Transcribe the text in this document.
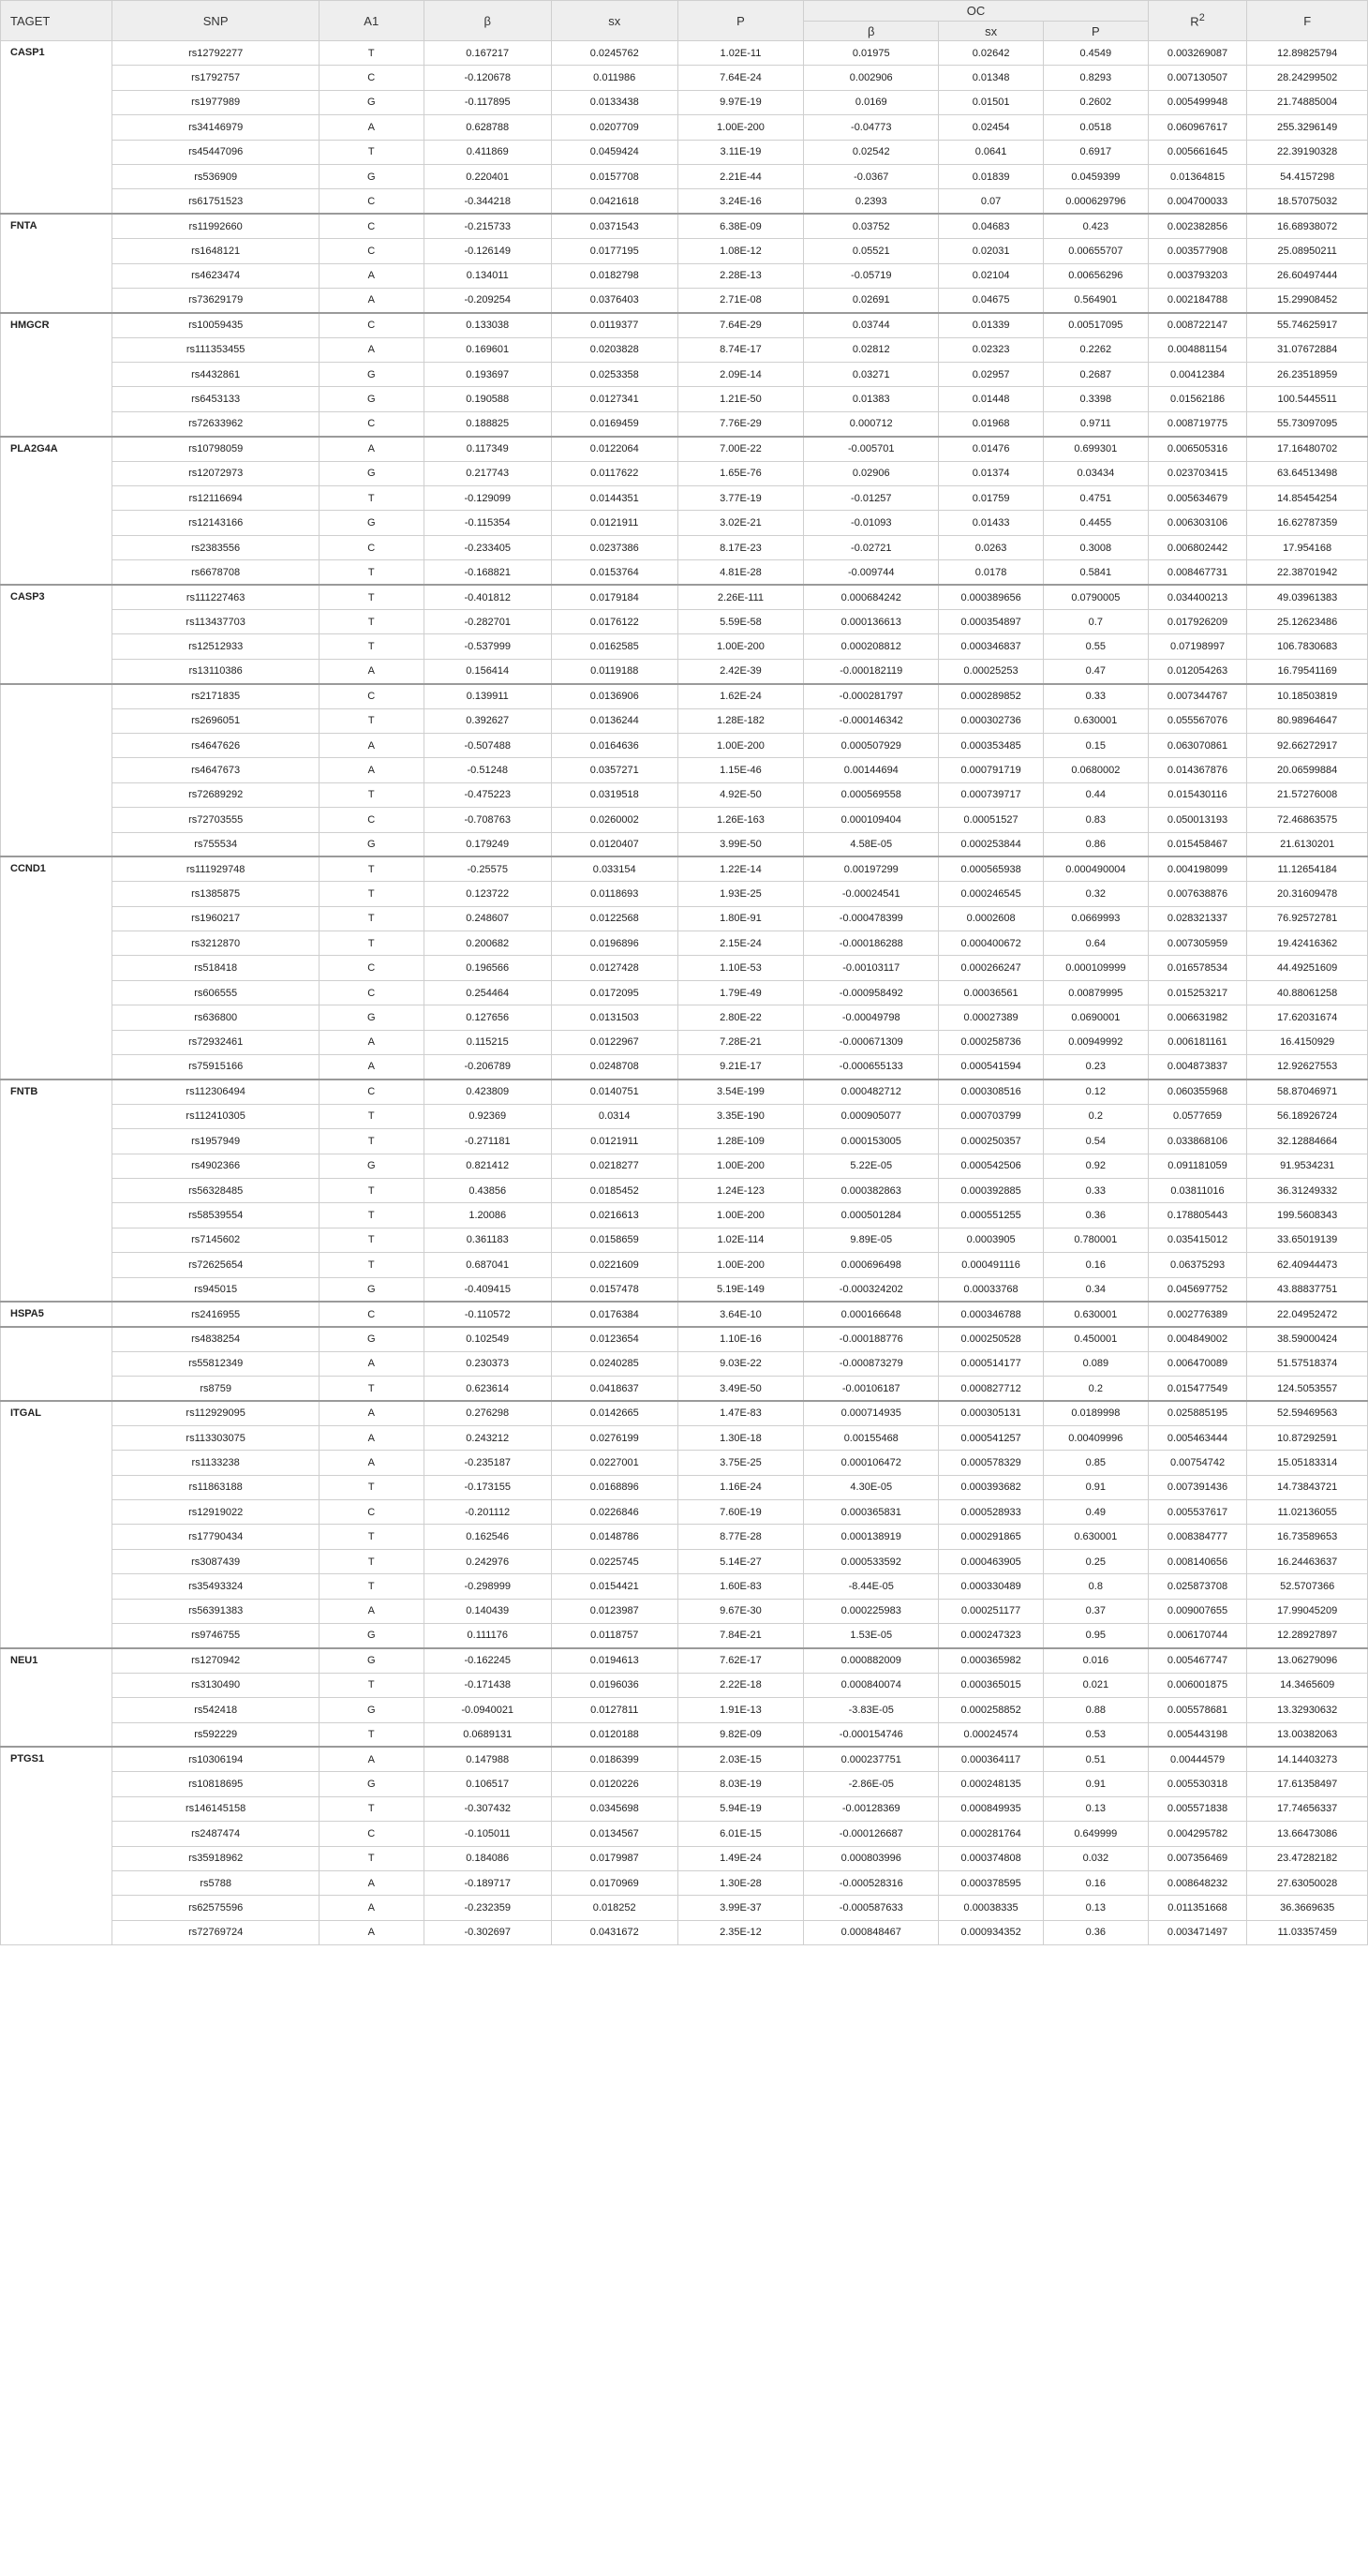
TAGET	SNP	A1	β	sx	P	OC			$R^2$	F
						β	sx	P		
CASP1	rs12792277	T	0.167217	0.0245762	1.02E-11	0.01975	0.02642	0.4549	0.003269087	12.89825794
	rs1792757	C	-0.120678	0.011986	7.64E-24	0.002906	0.01348	0.8293	0.007130507	28.24299502
	rs1977989	G	-0.117895	0.0133438	9.97E-19	0.0169	0.01501	0.2602	0.005499948	21.74885004
	rs34146979	A	0.628788	0.0207709	1.00E-200	-0.04773	0.02454	0.0518	0.060967617	255.3296149
	rs45447096	T	0.411869	0.0459424	3.11E-19	0.02542	0.0641	0.6917	0.005661645	22.39190328
	rs536909	G	0.220401	0.0157708	2.21E-44	-0.0367	0.01839	0.0459399	0.01364815	54.4157298
	rs61751523	C	-0.344218	0.0421618	3.24E-16	0.2393	0.07	0.000629796	0.004700033	18.57075032
FNTA	rs11992660	C	-0.215733	0.0371543	6.38E-09	0.03752	0.04683	0.423	0.002382856	16.68938072
	rs1648121	C	-0.126149	0.0177195	1.08E-12	0.05521	0.02031	0.00655707	0.003577908	25.08950211
	rs4623474	A	0.134011	0.0182798	2.28E-13	-0.05719	0.02104	0.00656296	0.003793203	26.60497444
	rs73629179	A	-0.209254	0.0376403	2.71E-08	0.02691	0.04675	0.564901	0.002184788	15.29908452
HMGCR	rs10059435	C	0.133038	0.0119377	7.64E-29	0.03744	0.01339	0.00517095	0.008722147	55.74625917
	rs111353455	A	0.169601	0.0203828	8.74E-17	0.02812	0.02323	0.2262	0.004881154	31.07672884
	rs4432861	G	0.193697	0.0253358	2.09E-14	0.03271	0.02957	0.2687	0.00412384	26.23518959
	rs6453133	G	0.190588	0.0127341	1.21E-50	0.01383	0.01448	0.3398	0.01562186	100.5445511
	rs72633962	C	0.188825	0.0169459	7.76E-29	0.000712	0.01968	0.9711	0.008719775	55.73097095
PLA2G4A	rs10798059	A	0.117349	0.0122064	7.00E-22	-0.005701	0.01476	0.699301	0.006505316	17.16480702
	rs12072973	G	0.217743	0.0117622	1.65E-76	0.02906	0.01374	0.03434	0.023703415	63.64513498
	rs12116694	T	-0.129099	0.0144351	3.77E-19	-0.01257	0.01759	0.4751	0.005634679	14.85454254
	rs12143166	G	-0.115354	0.0121911	3.02E-21	-0.01093	0.01433	0.4455	0.006303106	16.62787359
	rs2383556	C	-0.233405	0.0237386	8.17E-23	-0.02721	0.0263	0.3008	0.006802442	17.954168
	rs6678708	T	-0.168821	0.0153764	4.81E-28	-0.009744	0.0178	0.5841	0.008467731	22.38701942
CASP3	rs111227463	T	-0.401812	0.0179184	2.26E-111	0.000684242	0.000389656	0.0790005	0.034400213	49.03961383
	rs113437703	T	-0.282701	0.0176122	5.59E-58	0.000136613	0.000354897	0.7	0.017926209	25.12623486
	rs12512933	T	-0.537999	0.0162585	1.00E-200	0.000208812	0.000346837	0.55	0.07198997	106.7830683
	rs13110386	A	0.156414	0.0119188	2.42E-39	-0.000182119	0.00025253	0.47	0.012054263	16.79541169
	rs2171835	C	0.139911	0.0136906	1.62E-24	-0.000281797	0.000289852	0.33	0.007344767	10.18503819
	rs2696051	T	0.392627	0.0136244	1.28E-182	-0.000146342	0.000302736	0.630001	0.055567076	80.98964647
	rs4647626	A	-0.507488	0.0164636	1.00E-200	0.000507929	0.000353485	0.15	0.063070861	92.66272917
	rs4647673	A	-0.51248	0.0357271	1.15E-46	0.00144694	0.000791719	0.0680002	0.014367876	20.06599884
	rs72689292	T	-0.475223	0.0319518	4.92E-50	0.000569558	0.000739717	0.44	0.015430116	21.57276008
	rs72703555	C	-0.708763	0.0260002	1.26E-163	0.000109404	0.00051527	0.83	0.050013193	72.46863575
	rs755534	G	0.179249	0.0120407	3.99E-50	4.58E-05	0.000253844	0.86	0.015458467	21.6130201
CCND1	rs111929748	T	-0.25575	0.033154	1.22E-14	0.00197299	0.000565938	0.000490004	0.004198099	11.12654184
	rs1385875	T	0.123722	0.0118693	1.93E-25	-0.00024541	0.000246545	0.32	0.007638876	20.31609478
	rs1960217	T	0.248607	0.0122568	1.80E-91	-0.000478399	0.0002608	0.0669993	0.028321337	76.92572781
	rs3212870	T	0.200682	0.0196896	2.15E-24	-0.000186288	0.000400672	0.64	0.007305959	19.42416362
	rs518418	C	0.196566	0.0127428	1.10E-53	-0.00103117	0.000266247	0.000109999	0.016578534	44.49251609
	rs606555	C	0.254464	0.0172095	1.79E-49	-0.000958492	0.00036561	0.00879995	0.015253217	40.88061258
	rs636800	G	0.127656	0.0131503	2.80E-22	-0.00049798	0.00027389	0.0690001	0.006631982	17.62031674
	rs72932461	A	0.115215	0.0122967	7.28E-21	-0.000671309	0.000258736	0.00949992	0.006181161	16.4150929
	rs75915166	A	-0.206789	0.0248708	9.21E-17	-0.000655133	0.000541594	0.23	0.004873837	12.92627553
FNTB	rs112306494	C	0.423809	0.0140751	3.54E-199	0.000482712	0.000308516	0.12	0.060355968	58.87046971
	rs112410305	T	0.92369	0.0314	3.35E-190	0.000905077	0.000703799	0.2	0.0577659	56.18926724
	rs1957949	T	-0.271181	0.0121911	1.28E-109	0.000153005	0.000250357	0.54	0.033868106	32.12884664
	rs4902366	G	0.821412	0.0218277	1.00E-200	5.22E-05	0.000542506	0.92	0.091181059	91.9534231
	rs56328485	T	0.43856	0.0185452	1.24E-123	0.000382863	0.000392885	0.33	0.03811016	36.31249332
	rs58539554	T	1.20086	0.0216613	1.00E-200	0.000501284	0.000551255	0.36	0.178805443	199.5608343
	rs7145602	T	0.361183	0.0158659	1.02E-114	9.89E-05	0.0003905	0.780001	0.035415012	33.65019139
	rs72625654	T	0.687041	0.0221609	1.00E-200	0.000696498	0.000491116	0.16	0.06375293	62.40944473
	rs945015	G	-0.409415	0.0157478	5.19E-149	-0.000324202	0.00033768	0.34	0.045697752	43.88837751
HSPA5	rs2416955	C	-0.110572	0.0176384	3.64E-10	0.000166648	0.000346788	0.630001	0.002776389	22.04952472
	rs4838254	G	0.102549	0.0123654	1.10E-16	-0.000188776	0.000250528	0.450001	0.004849002	38.59000424
	rs55812349	A	0.230373	0.0240285	9.03E-22	-0.000873279	0.000514177	0.089	0.006470089	51.57518374
	rs8759	T	0.623614	0.0418637	3.49E-50	-0.00106187	0.000827712	0.2	0.015477549	124.5053557
ITGAL	rs112929095	A	0.276298	0.0142665	1.47E-83	0.000714935	0.000305131	0.0189998	0.025885195	52.59469563
	rs113303075	A	0.243212	0.0276199	1.30E-18	0.00155468	0.000541257	0.00409996	0.005463444	10.87292591
	rs1133238	A	-0.235187	0.0227001	3.75E-25	0.000106472	0.000578329	0.85	0.00754742	15.05183314
	rs11863188	T	-0.173155	0.0168896	1.16E-24	4.30E-05	0.000393682	0.91	0.007391436	14.73843721
	rs12919022	C	-0.201112	0.0226846	7.60E-19	0.000365831	0.000528933	0.49	0.005537617	11.02136055
	rs17790434	T	0.162546	0.0148786	8.77E-28	0.000138919	0.000291865	0.630001	0.008384777	16.73589653
	rs3087439	T	0.242976	0.0225745	5.14E-27	0.000533592	0.000463905	0.25	0.008140656	16.24463637
	rs35493324	T	-0.298999	0.0154421	1.60E-83	-8.44E-05	0.000330489	0.8	0.025873708	52.5707366
	rs56391383	A	0.140439	0.0123987	9.67E-30	0.000225983	0.000251177	0.37	0.009007655	17.99045209
	rs9746755	G	0.111176	0.0118757	7.84E-21	1.53E-05	0.000247323	0.95	0.006170744	12.28927897
NEU1	rs1270942	G	-0.162245	0.0194613	7.62E-17	0.000882009	0.000365982	0.016	0.005467747	13.06279096
	rs3130490	T	-0.171438	0.0196036	2.22E-18	0.000840074	0.000365015	0.021	0.006001875	14.3465609
	rs542418	G	-0.0940021	0.0127811	1.91E-13	-3.83E-05	0.000258852	0.88	0.005578681	13.32930632
	rs592229	T	0.0689131	0.0120188	9.82E-09	-0.000154746	0.00024574	0.53	0.005443198	13.00382063
PTGS1	rs10306194	A	0.147988	0.0186399	2.03E-15	0.000237751	0.000364117	0.51	0.00444579	14.14403273
	rs10818695	G	0.106517	0.0120226	8.03E-19	-2.86E-05	0.000248135	0.91	0.005530318	17.61358497
	rs146145158	T	-0.307432	0.0345698	5.94E-19	-0.00128369	0.000849935	0.13	0.005571838	17.74656337
	rs2487474	C	-0.105011	0.0134567	6.01E-15	-0.000126687	0.000281764	0.649999	0.004295782	13.66473086
	rs35918962	T	0.184086	0.0179987	1.49E-24	0.000803996	0.000374808	0.032	0.007356469	23.47282182
	rs5788	A	-0.189717	0.0170969	1.30E-28	-0.000528316	0.000378595	0.16	0.008648232	27.63050028
	rs62575596	A	-0.232359	0.018252	3.99E-37	-0.000587633	0.00038335	0.13	0.011351668	36.3669635
	rs72769724	A	-0.302697	0.0431672	2.35E-12	0.000848467	0.000934352	0.36	0.003471497	11.03357459
